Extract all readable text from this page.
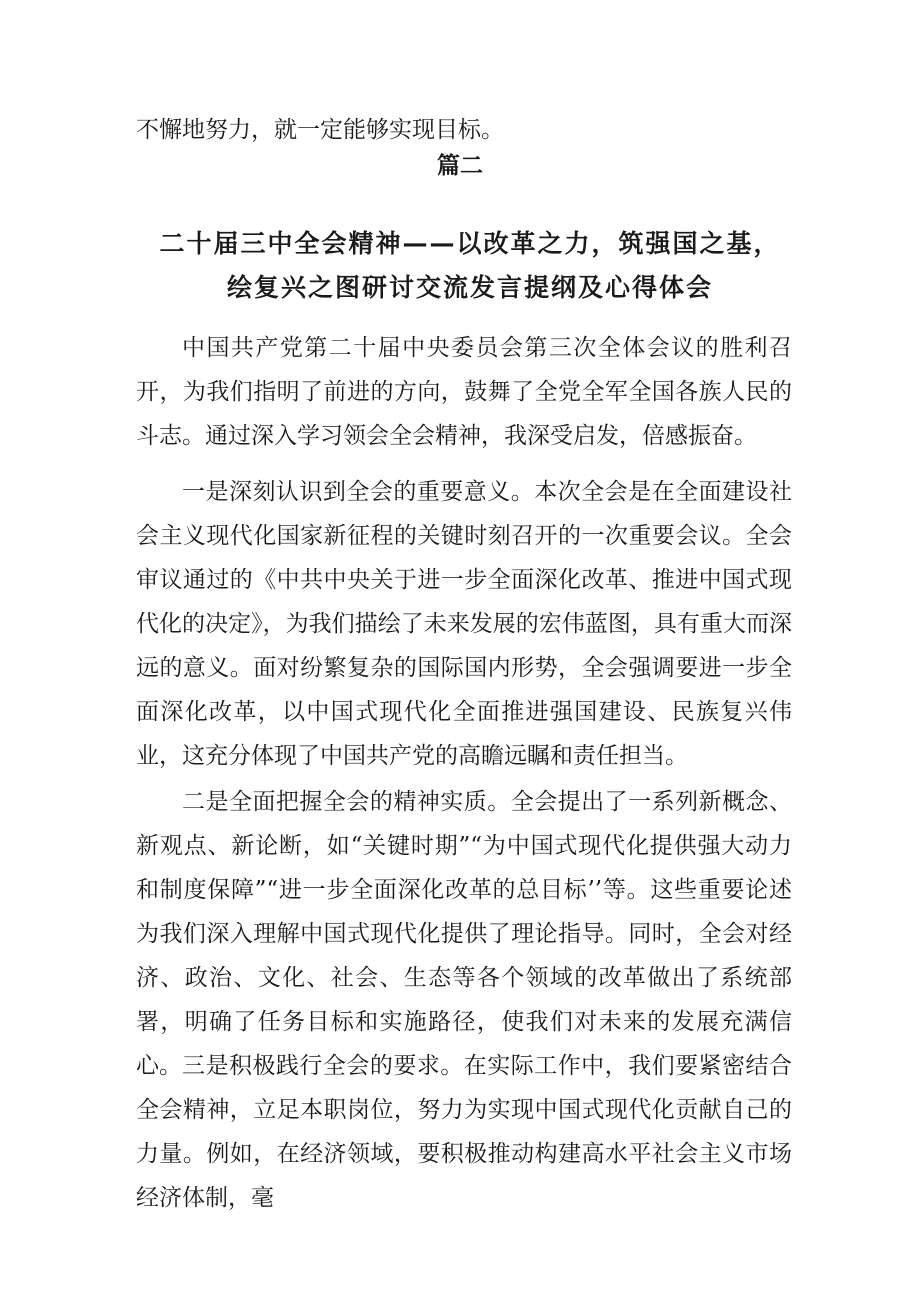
不懈地努力，就一定能够实现目标。

篇二
二十届三中全会精神——以改革之力，筑强国之基，
绘复兴之图研讨交流发言提纲及心得体会

中国共产党第二十届中央委员会第三次全体会议的胜利召开，为我们指明了前进的方向，鼓舞了全党全军全国各族人民的斗志。通过深入学习领会全会精神，我深受启发，倍感振奋。

一是深刻认识到全会的重要意义。本次全会是在全面建设社会主义现代化国家新征程的关键时刻召开的一次重要会议。全会审议通过的《中共中央关于进一步全面深化改革、推进中国式现代化的决定》，为我们描绘了未来发展的宏伟蓝图，具有重大而深远的意义。面对纷繁复杂的国际国内形势，全会强调要进一步全面深化改革，以中国式现代化全面推进强国建设、民族复兴伟业，这充分体现了中国共产党的高瞻远瞩和责任担当。

二是全面把握全会的精神实质。全会提出了一系列新概念、新观点、新论断，如“关键时期”“为中国式现代化提供强大动力和制度保障”“进一步全面深化改革的总目标’’等。这些重要论述为我们深入理解中国式现代化提供了理论指导。同时，全会对经济、政治、文化、社会、生态等各个领域的改革做出了系统部署，明确了任务目标和实施路径，使我们对未来的发展充满信心。 三是积极践行全会的要求。在实际工作中，我们要紧密结合全会精神，立足本职岗位，努力为实现中国式现代化贡献自己的力量。例如，在经济领域，要积极推动构建高水平社会主义市场经济体制，毫
